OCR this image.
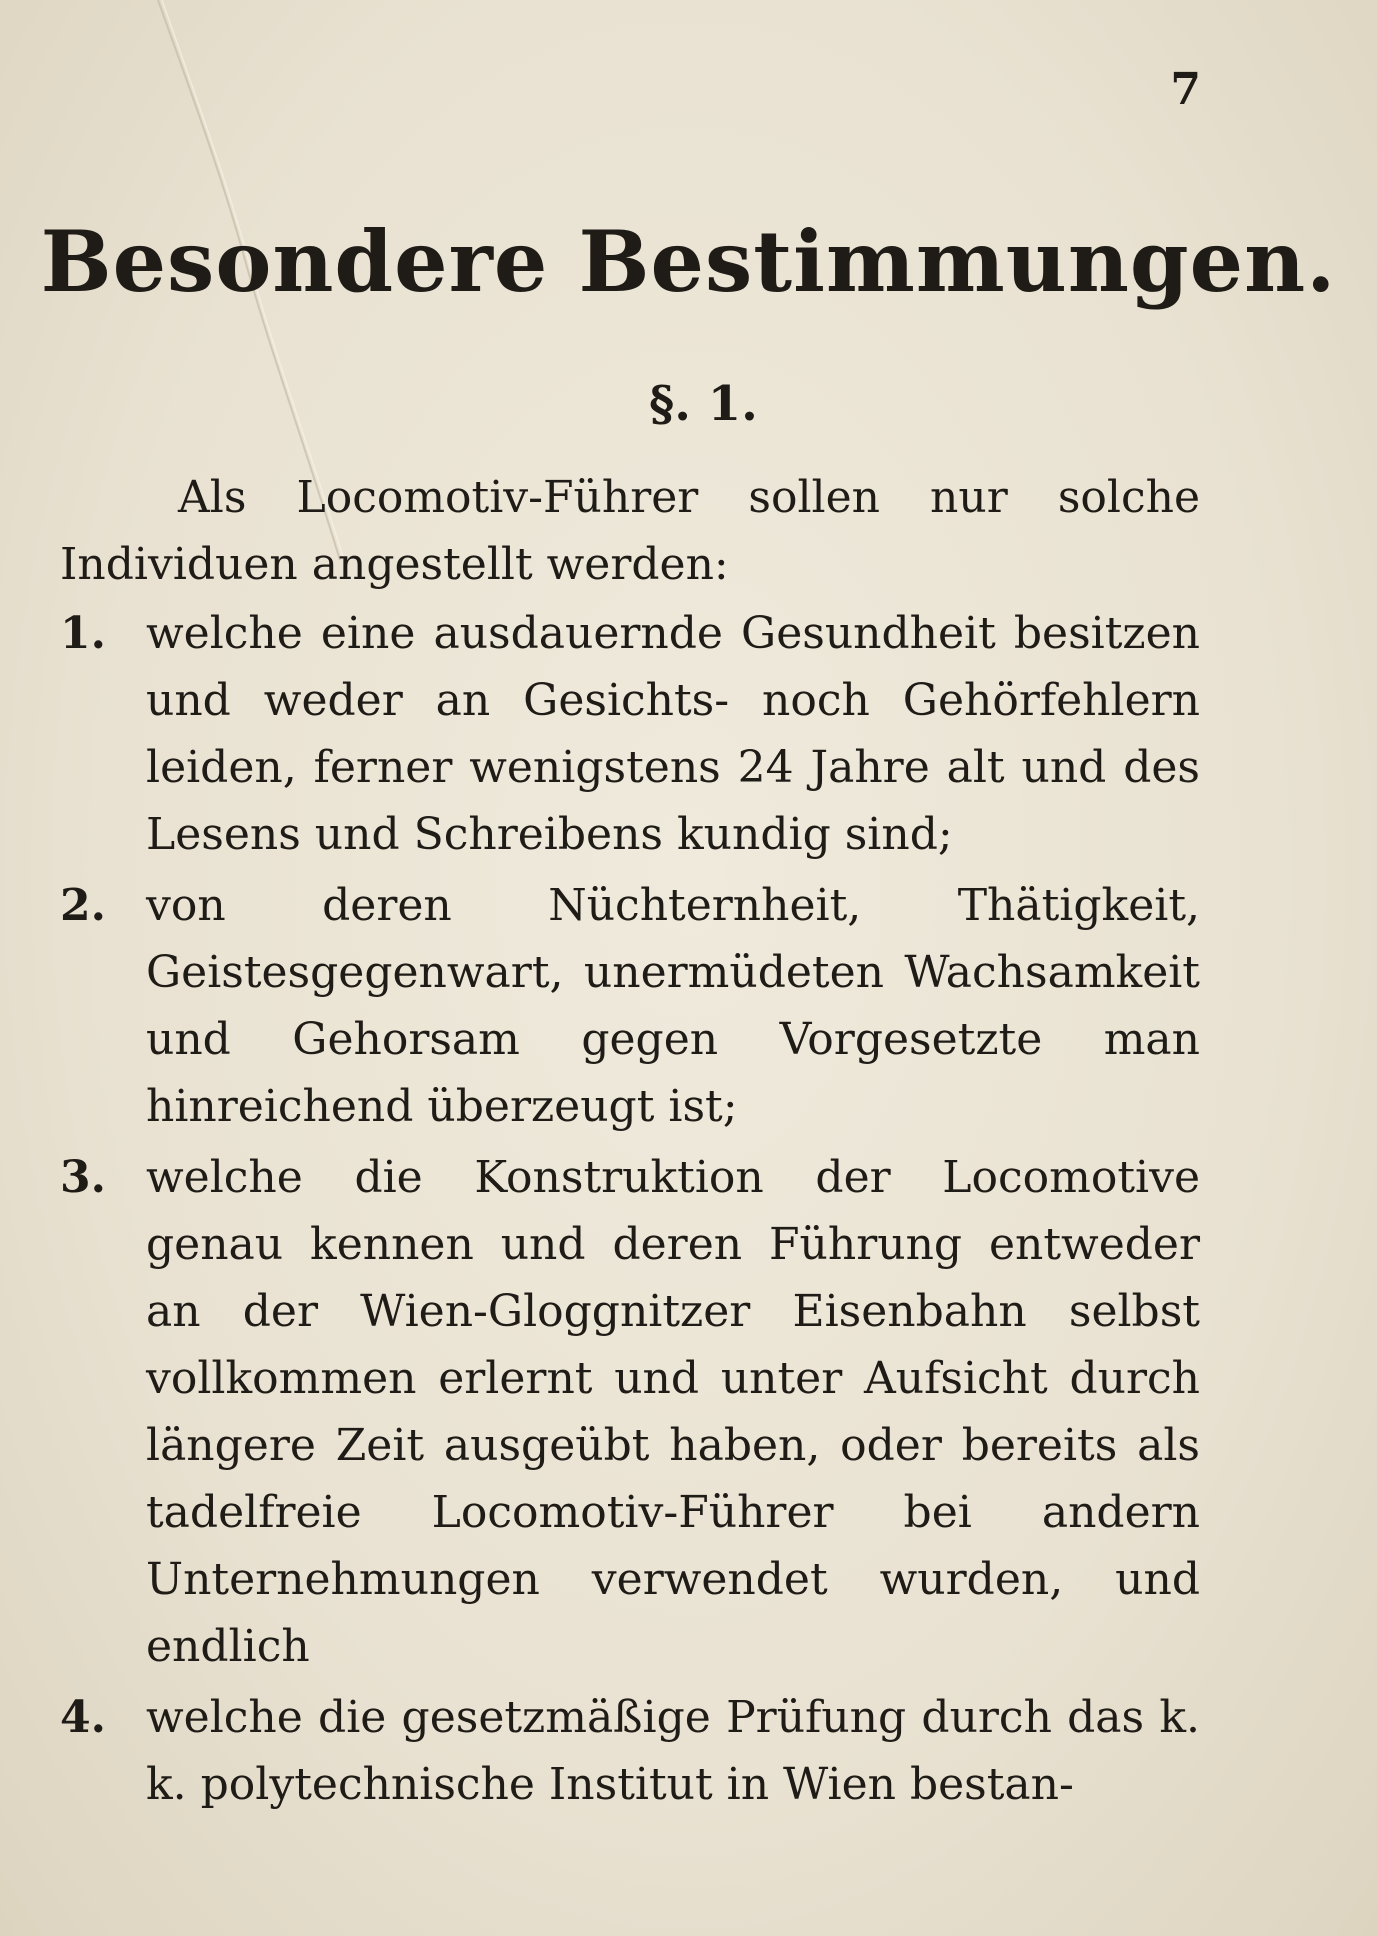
7
Besondere Bestimmungen.
§. 1.

Als Locomotiv-Führer sollen nur solche Individuen angestellt werden:

1. welche eine ausdauernde Gesundheit besitzen und weder an Gesichts- noch Gehörfehlern leiden, ferner wenigstens 24 Jahre alt und des Lesens und Schreibens kundig sind;
2. von deren Nüchternheit, Thätigkeit, Geistesgegenwart, unermüdeten Wachsamkeit und Gehorsam gegen Vorgesetzte man hinreichend überzeugt ist;
3. welche die Konstruktion der Locomotive genau kennen und deren Führung entweder an der Wien-Gloggnitzer Eisenbahn selbst vollkommen erlernt und unter Aufsicht durch längere Zeit ausgeübt haben, oder bereits als tadelfreie Locomotiv-Führer bei andern Unternehmungen verwendet wurden, und endlich
4. welche die gesetzmäßige Prüfung durch das k. k. polytechnische Institut in Wien bestan-
